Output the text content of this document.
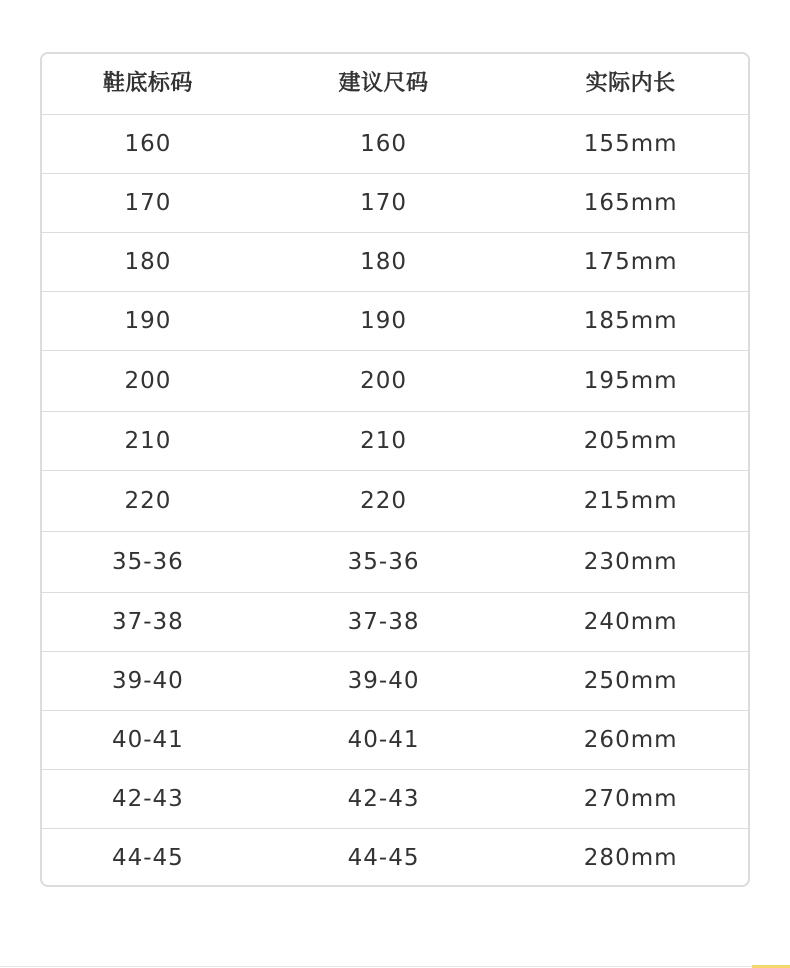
鞋底标码	建议尺码	实际内长
160	160	155mm
170	170	165mm
180	180	175mm
190	190	185mm
200	200	195mm
210	210	205mm
220	220	215mm
35-36	35-36	230mm
37-38	37-38	240mm
39-40	39-40	250mm
40-41	40-41	260mm
42-43	42-43	270mm
44-45	44-45	280mm
